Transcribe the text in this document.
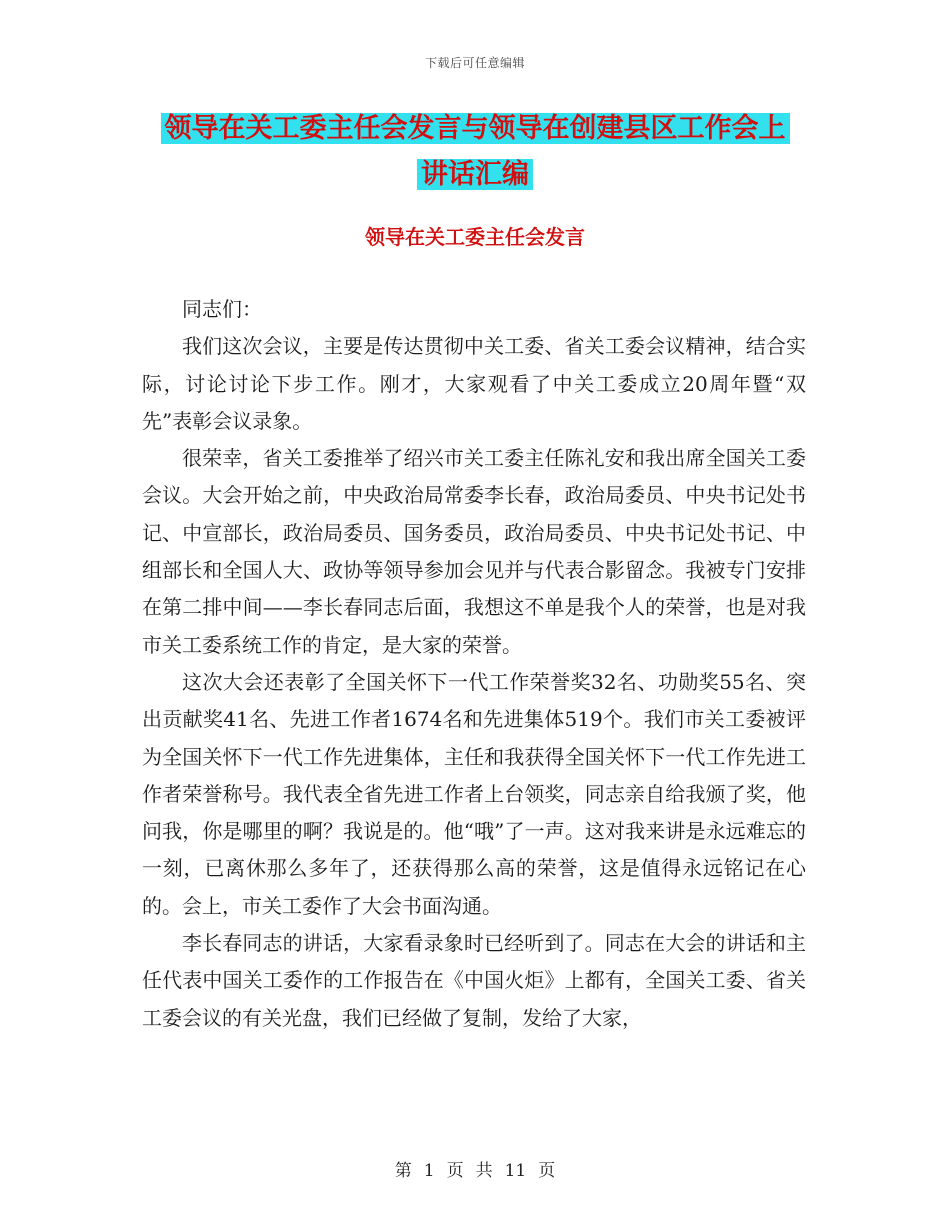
下载后可任意编辑
领导在关工委主任会发言与领导在创建县区工作会上
讲话汇编
领导在关工委主任会发言

同志们：

我们这次会议，主要是传达贯彻中关工委、省关工委会议精神，结合实际，讨论讨论下步工作。刚才，大家观看了中关工委成立20周年暨“双先”表彰会议录象。

很荣幸，省关工委推举了绍兴市关工委主任陈礼安和我出席全国关工委会议。大会开始之前，中央政治局常委李长春，政治局委员、中央书记处书记、中宣部长，政治局委员、国务委员，政治局委员、中央书记处书记、中组部长和全国人大、政协等领导参加会见并与代表合影留念。我被专门安排在第二排中间——李长春同志后面，我想这不单是我个人的荣誉，也是对我市关工委系统工作的肯定，是大家的荣誉。

这次大会还表彰了全国关怀下一代工作荣誉奖32名、功勋奖55名、突出贡献奖41名、先进工作者1674名和先进集体519个。我们市关工委被评为全国关怀下一代工作先进集体，主任和我获得全国关怀下一代工作先进工作者荣誉称号。我代表全省先进工作者上台领奖，同志亲自给我颁了奖，他问我，你是哪里的啊？我说是的。他“哦”了一声。这对我来讲是永远难忘的一刻，已离休那么多年了，还获得那么高的荣誉，这是值得永远铭记在心的。会上，市关工委作了大会书面沟通。

李长春同志的讲话，大家看录象时已经听到了。同志在大会的讲话和主任代表中国关工委作的工作报告在《中国火炬》上都有，全国关工委、省关工委会议的有关光盘，我们已经做了复制，发给了大家，

第 1 页 共 11 页
